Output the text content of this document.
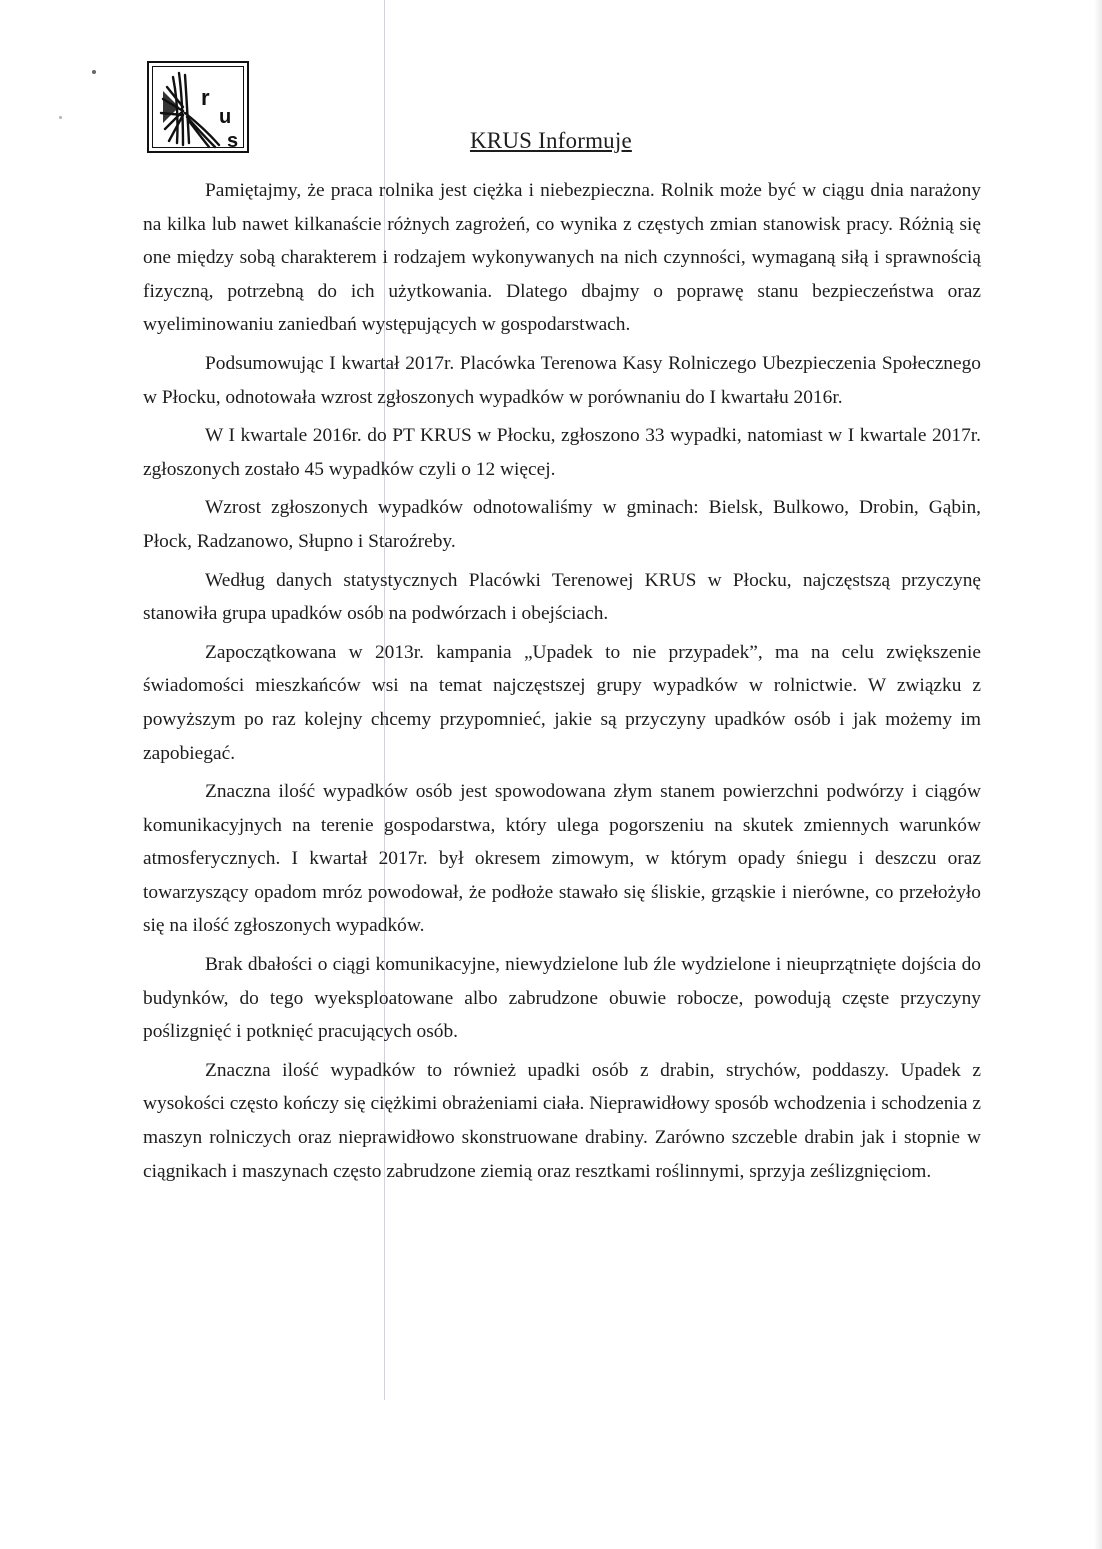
r
u
s	KRUS Informuje

Pamiętajmy, że praca rolnika jest ciężka i niebezpieczna. Rolnik może być w ciągu dnia narażony na kilka lub nawet kilkanaście różnych zagrożeń, co wynika z częstych zmian stanowisk pracy. Różnią się one między sobą charakterem i rodzajem wykonywanych na nich czynności, wymaganą siłą i sprawnością fizyczną, potrzebną do ich użytkowania. Dlatego dbajmy o poprawę stanu bezpieczeństwa oraz wyeliminowaniu zaniedbań występujących w gospodarstwach.

Podsumowując I kwartał 2017r. Placówka Terenowa Kasy Rolniczego Ubezpieczenia Społecznego w Płocku, odnotowała wzrost zgłoszonych wypadków w porównaniu do I kwartału 2016r.

W I kwartale 2016r. do PT KRUS w Płocku, zgłoszono 33 wypadki, natomiast w I kwartale 2017r. zgłoszonych zostało 45 wypadków czyli o 12 więcej.

Wzrost zgłoszonych wypadków odnotowaliśmy w gminach: Bielsk, Bulkowo, Drobin, Gąbin, Płock, Radzanowo, Słupno i Staroźreby.

Według danych statystycznych Placówki Terenowej KRUS w Płocku, najczęstszą przyczynę stanowiła grupa upadków osób na podwórzach i obejściach.

Zapoczątkowana w 2013r. kampania „Upadek to nie przypadek”, ma na celu zwiększenie świadomości mieszkańców wsi na temat najczęstszej grupy wypadków w rolnictwie. W związku z powyższym po raz kolejny chcemy przypomnieć, jakie są przyczyny upadków osób i jak możemy im zapobiegać.

Znaczna ilość wypadków osób jest spowodowana złym stanem powierzchni podwórzy i ciągów komunikacyjnych na terenie gospodarstwa, który ulega pogorszeniu na skutek zmiennych warunków atmosferycznych. I kwartał 2017r. był okresem zimowym, w którym opady śniegu i deszczu oraz towarzyszący opadom mróz powodował, że podłoże stawało się śliskie, grząskie i nierówne, co przełożyło się na ilość zgłoszonych wypadków.

Brak dbałości o ciągi komunikacyjne, niewydzielone lub źle wydzielone i nieuprzątnięte dojścia do budynków, do tego wyeksploatowane albo zabrudzone obuwie robocze, powodują częste przyczyny poślizgnięć i potknięć pracujących osób.

Znaczna ilość wypadków to również upadki osób z drabin, strychów, poddaszy. Upadek z wysokości często kończy się ciężkimi obrażeniami ciała. Nieprawidłowy sposób wchodzenia i schodzenia z maszyn rolniczych oraz nieprawidłowo skonstruowane drabiny. Zarówno szczeble drabin jak i stopnie w ciągnikach i maszynach często zabrudzone ziemią oraz resztkami roślinnymi, sprzyja ześlizgnięciom.
